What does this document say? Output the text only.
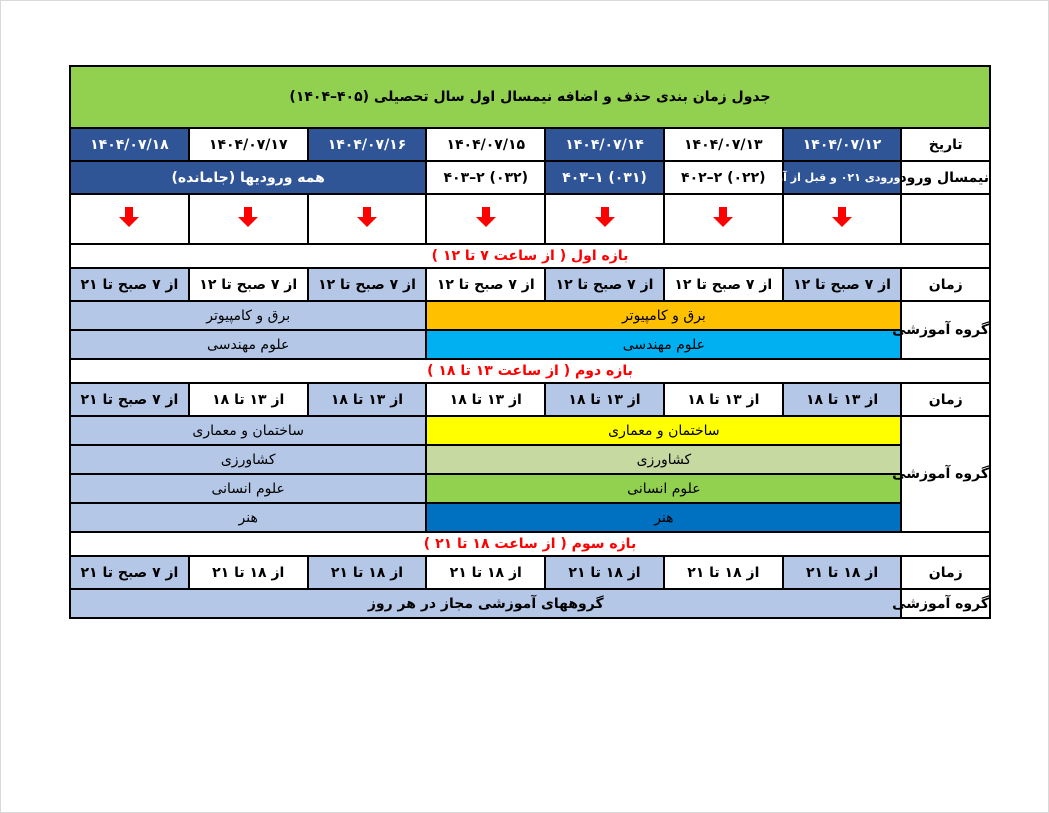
جدول زمان بندی حذف و اضافه نیمسال اول سال تحصیلی (۴۰۵–۱۴۰۴)							
تاریخ	۱۴۰۴/۰۷/۱۲	۱۴۰۴/۰۷/۱۳	۱۴۰۴/۰۷/۱۴	۱۴۰۴/۰۷/۱۵	۱۴۰۴/۰۷/۱۶	۱۴۰۴/۰۷/۱۷	۱۴۰۴/۰۷/۱۸
نیمسال ورود	ورودی ۰۲۱ و قبل از آن	(۰۲۲) ۲–۴۰۲	(۰۳۱) ۱–۴۰۳	(۰۳۲) ۲–۴۰۳	همه ورودیها (جامانده)		

بازه اول ( از ساعت ۷ تا ۱۲ )							
زمان	از ۷ صبح تا ۱۲	از ۷ صبح تا ۱۲	از ۷ صبح تا ۱۲	از ۷ صبح تا ۱۲	از ۷ صبح تا ۱۲	از ۷ صبح تا ۱۲	از ۷ صبح تا ۲۱
گروه آموزشی	برق و کامپیوتر				برق و کامپیوتر		
	علوم مهندسی				علوم مهندسی		
بازه دوم ( از ساعت ۱۳ تا ۱۸ )							
زمان	از ۱۳ تا ۱۸	از ۱۳ تا ۱۸	از ۱۳ تا ۱۸	از ۱۳ تا ۱۸	از ۱۳ تا ۱۸	از ۱۳ تا ۱۸	از ۷ صبح تا ۲۱
گروه آموزشی	ساختمان و معماری				ساختمان و معماری		
	کشاورزی				کشاورزی		
	علوم انسانی				علوم انسانی		
	هنر				هنر		
بازه سوم ( از ساعت ۱۸ تا ۲۱ )							
زمان	از ۱۸ تا ۲۱	از ۱۸ تا ۲۱	از ۱۸ تا ۲۱	از ۱۸ تا ۲۱	از ۱۸ تا ۲۱	از ۱۸ تا ۲۱	از ۷ صبح تا ۲۱
گروه آموزشی	گروههای آموزشی مجاز در هر روز						
